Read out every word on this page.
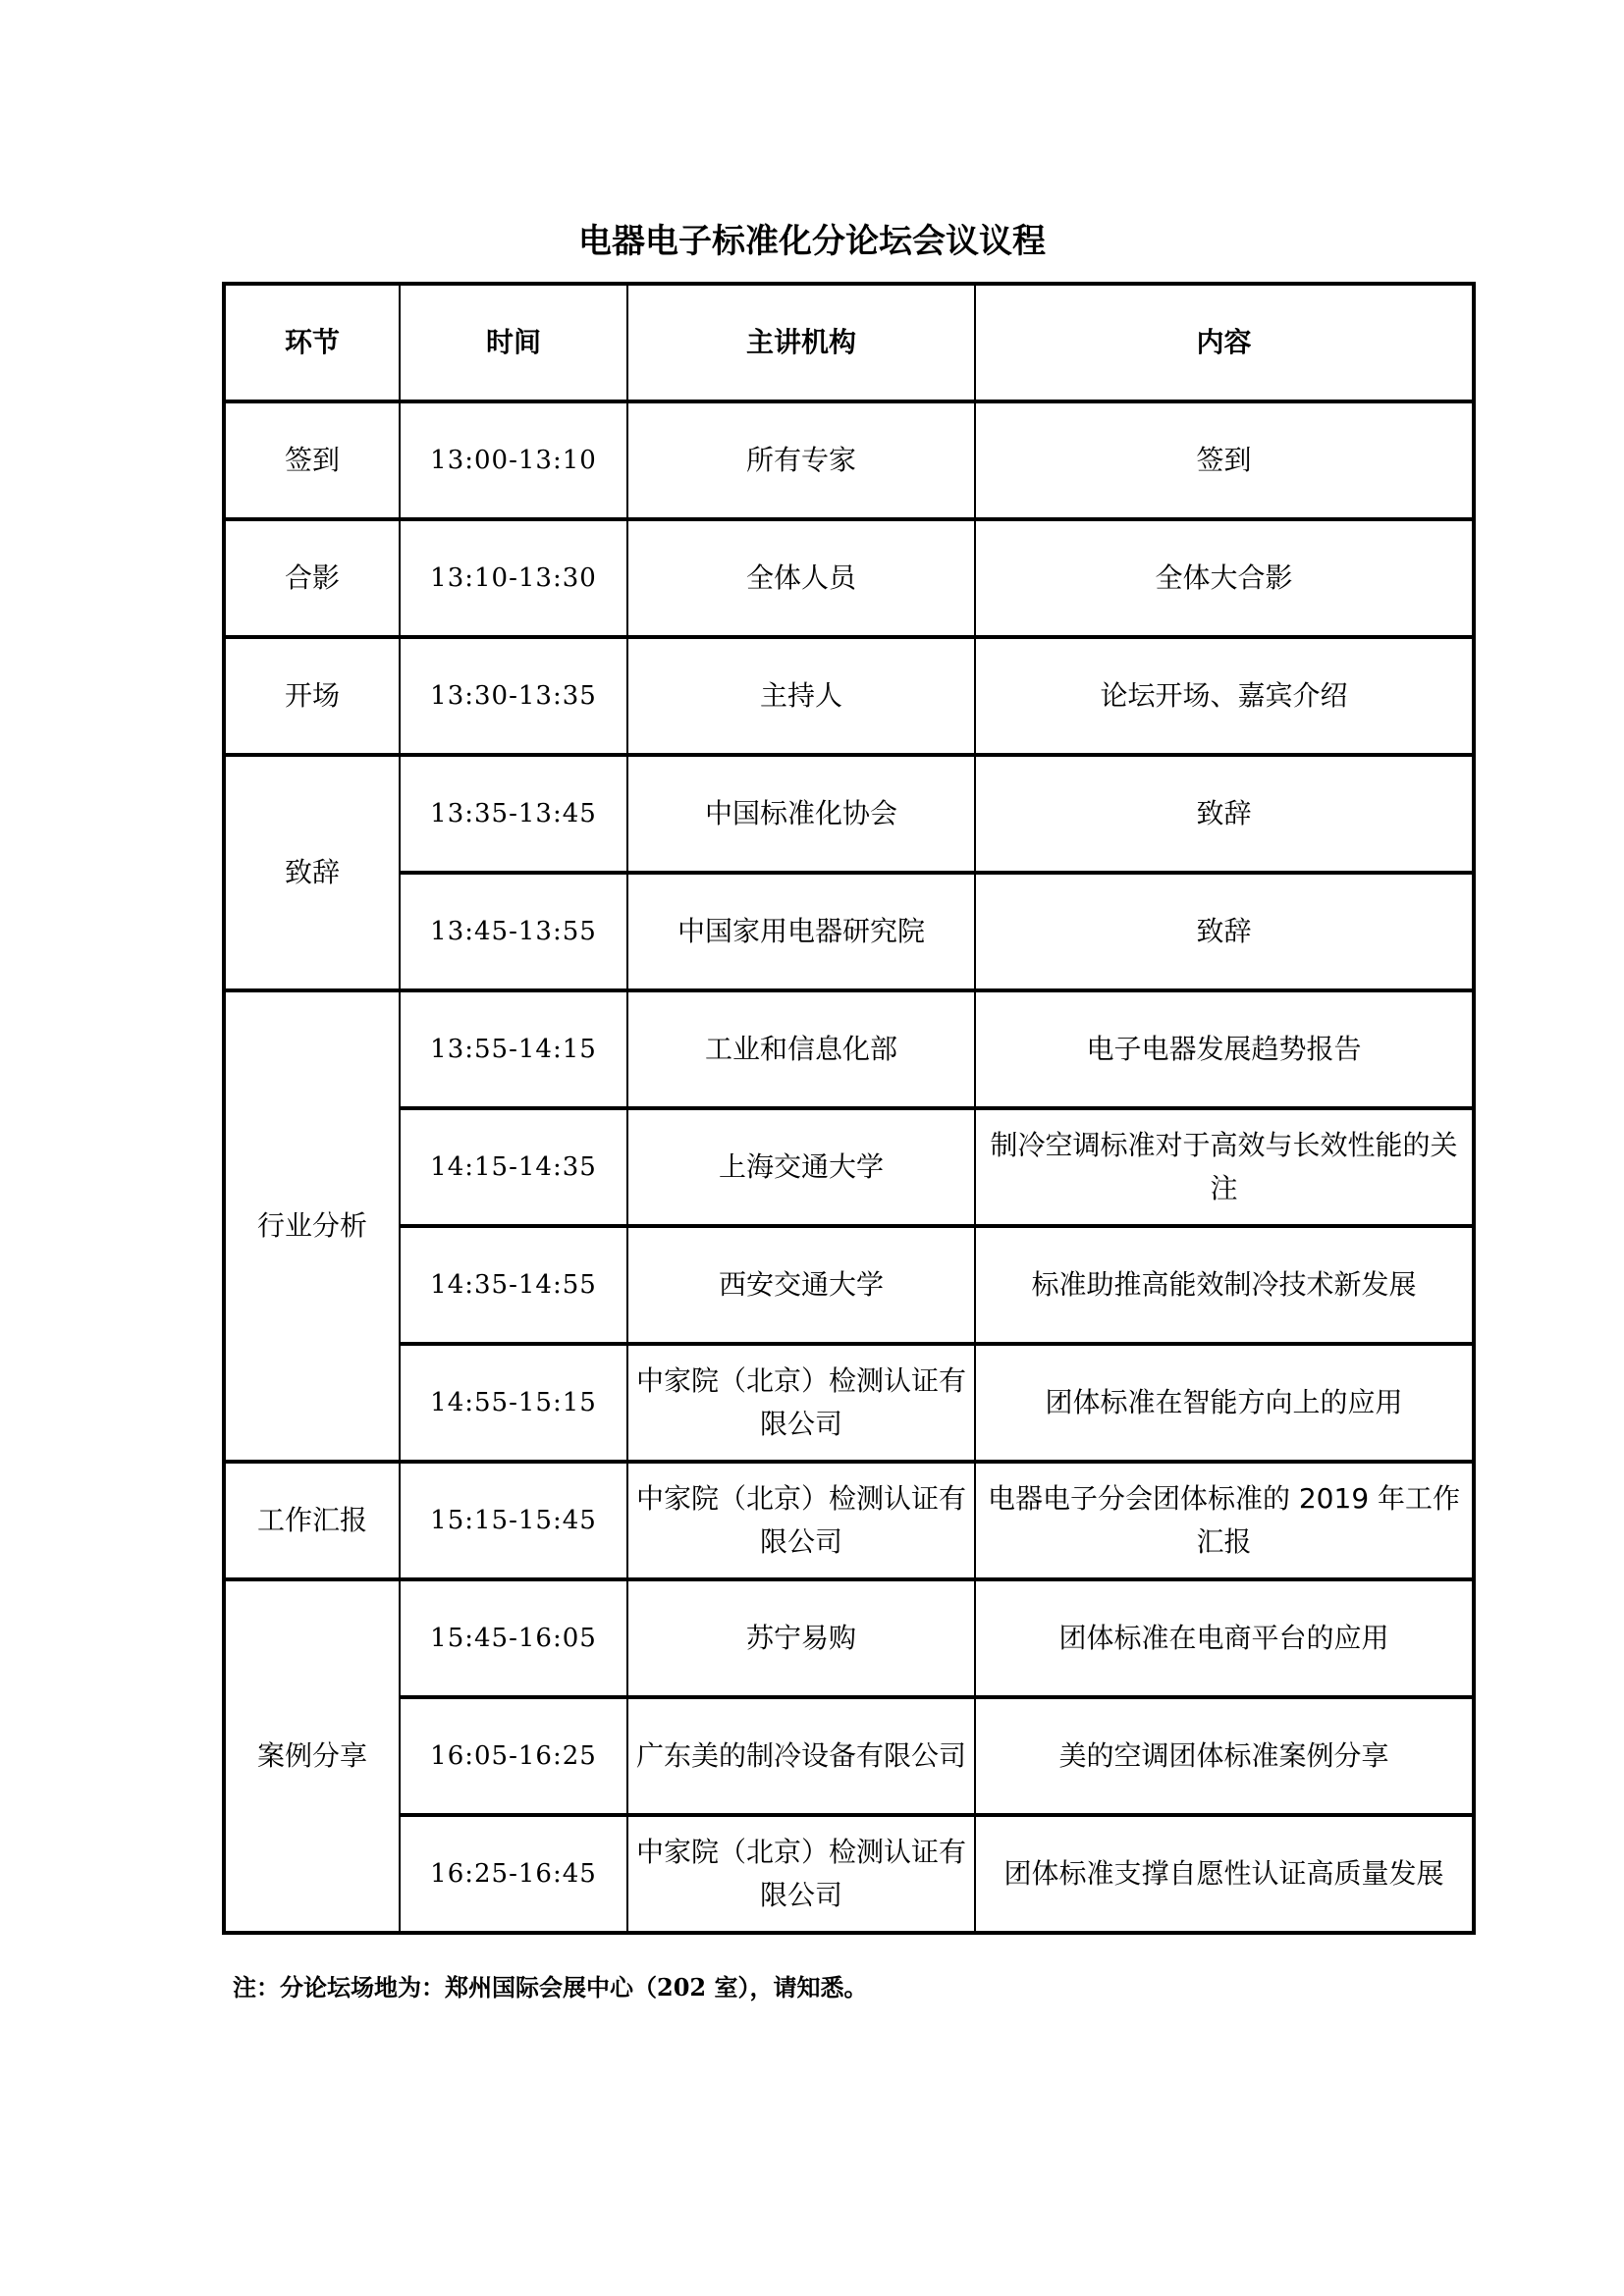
电器电子标准化分论坛会议议程
环节	时间	主讲机构	内容
签到	13:00-13:10	所有专家	签到
合影	13:10-13:30	全体人员	全体大合影
开场	13:30-13:35	主持人	论坛开场、嘉宾介绍
致辞	13:35-13:45	中国标准化协会	致辞
	13:45-13:55	中国家用电器研究院	致辞
行业分析	13:55-14:15	工业和信息化部	电子电器发展趋势报告
	14:15-14:35	上海交通大学	制冷空调标准对于高效与长效性能的关注
	14:35-14:55	西安交通大学	标准助推高能效制冷技术新发展
	14:55-15:15	中家院（北京）检测认证有限公司	团体标准在智能方向上的应用
工作汇报	15:15-15:45	中家院（北京）检测认证有限公司	电器电子分会团体标准的 2019 年工作汇报
案例分享	15:45-16:05	苏宁易购	团体标准在电商平台的应用
	16:05-16:25	广东美的制冷设备有限公司	美的空调团体标准案例分享
	16:25-16:45	中家院（北京）检测认证有限公司	团体标准支撑自愿性认证高质量发展
注：分论坛场地为：郑州国际会展中心（202 室），请知悉。
